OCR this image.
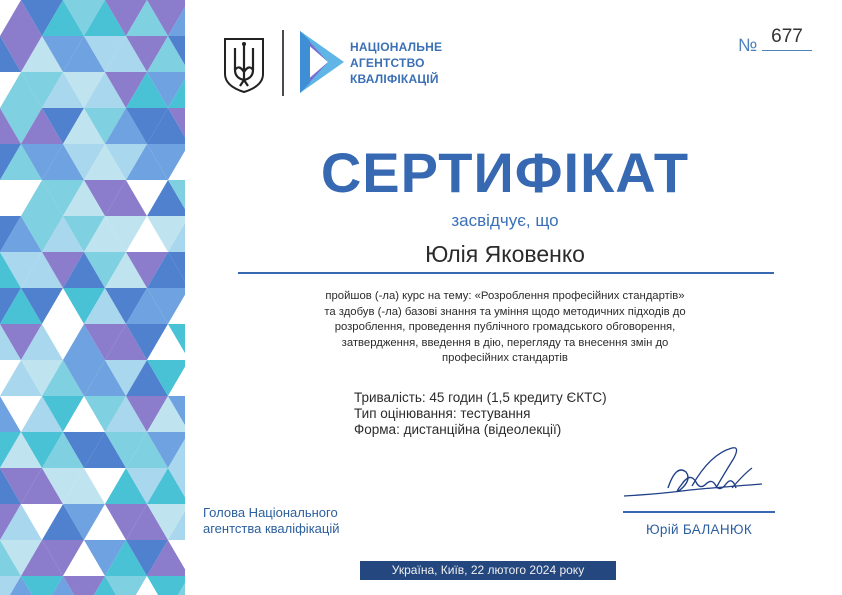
НАЦІОНАЛЬНЕ
АГЕНТСТВО
КВАЛІФІКАЦІЙ
№ 677
СЕРТИФІКАТ
засвідчує, що
Юлія Яковенко
пройшов (-ла) курс на тему: «Розроблення професійних стандартів»
та здобув (-ла) базові знання та уміння щодо методичних підходів до
розроблення, проведення публічного громадського обговорення,
затвердження, введення в дію, перегляду та внесення змін до
професійних стандартів
Тривалість: 45 годин (1,5 кредиту ЄКТС)
Тип оцінювання: тестування
Форма: дистанційна (відеолекції)
Голова Національного
агентства кваліфікацій	Юрій БАЛАНЮК
Україна, Київ, 22 лютого 2024 року
